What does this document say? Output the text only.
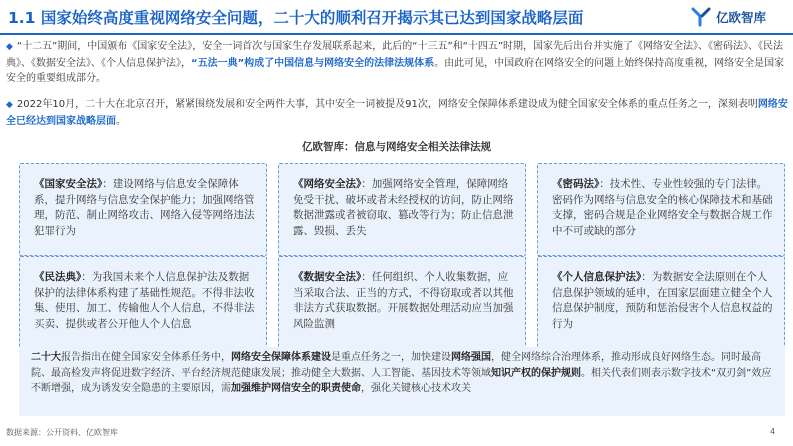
1.1 国家始终高度重视网络安全问题，二十大的顺利召开揭示其已达到国家战略层面	亿欧智库
◆ “十二五”期间，中国颁布《国家安全法》，安全一词首次与国家生存发展联系起来，此后的“十三五”和“十四五”时期，国家先后出台并实施了《网络安全法》、《密码法》、《民法典》、《数据安全法》、《个人信息保护法》，“五法一典”构成了中国信息与网络安全的法律法规体系。由此可见，中国政府在网络安全的问题上始终保持高度重视，网络安全是国家安全的重要组成部分。
◆ 2022年10月，二十大在北京召开，紧紧围绕发展和安全两件大事，其中安全一词被提及91次，网络安全保障体系建设成为健全国家安全体系的重点任务之一，深刻表明网络安全已经达到国家战略层面。
亿欧智库：信息与网络安全相关法律法规
《国家安全法》：建设网络与信息安全保障体系，提升网络与信息安全保护能力；加强网络管理，防范、制止网络攻击、网络入侵等网络违法犯罪行为
《网络安全法》：加强网络安全管理，保障网络免受干扰、破坏或者未经授权的访问，防止网络数据泄露或者被窃取、篡改等行为；防止信息泄露、毁损、丢失
《密码法》：技术性、专业性较强的专门法律。密码作为网络与信息安全的核心保障技术和基础支撑，密码合规是企业网络安全与数据合规工作中不可或缺的部分
《民法典》：为我国未来个人信息保护法及数据保护的法律体系构建了基础性规范。不得非法收集、使用、加工、传输他人个人信息，不得非法买卖、提供或者公开他人个人信息
《数据安全法》：任何组织、个人收集数据，应当采取合法、正当的方式，不得窃取或者以其他非法方式获取数据。开展数据处理活动应当加强风险监测
《个人信息保护法》：为数据安全法原则在个人信息保护领域的延申，在国家层面建立健全个人信息保护制度，预防和惩治侵害个人信息权益的行为
二十大报告指出在健全国家安全体系任务中，网络安全保障体系建设是重点任务之一，加快建设网络强国，健全网络综合治理体系，推动形成良好网络生态。同时最高院、最高检发声将促进数字经济、平台经济规范健康发展；推动健全大数据、人工智能、基因技术等领域知识产权的保护规则。相关代表们则表示数字技术“双刃剑”效应不断增强，成为诱发安全隐患的主要原因，需加强维护网信安全的职责使命，强化关键核心技术攻关
数据来源：公开资料、亿欧智库	4
